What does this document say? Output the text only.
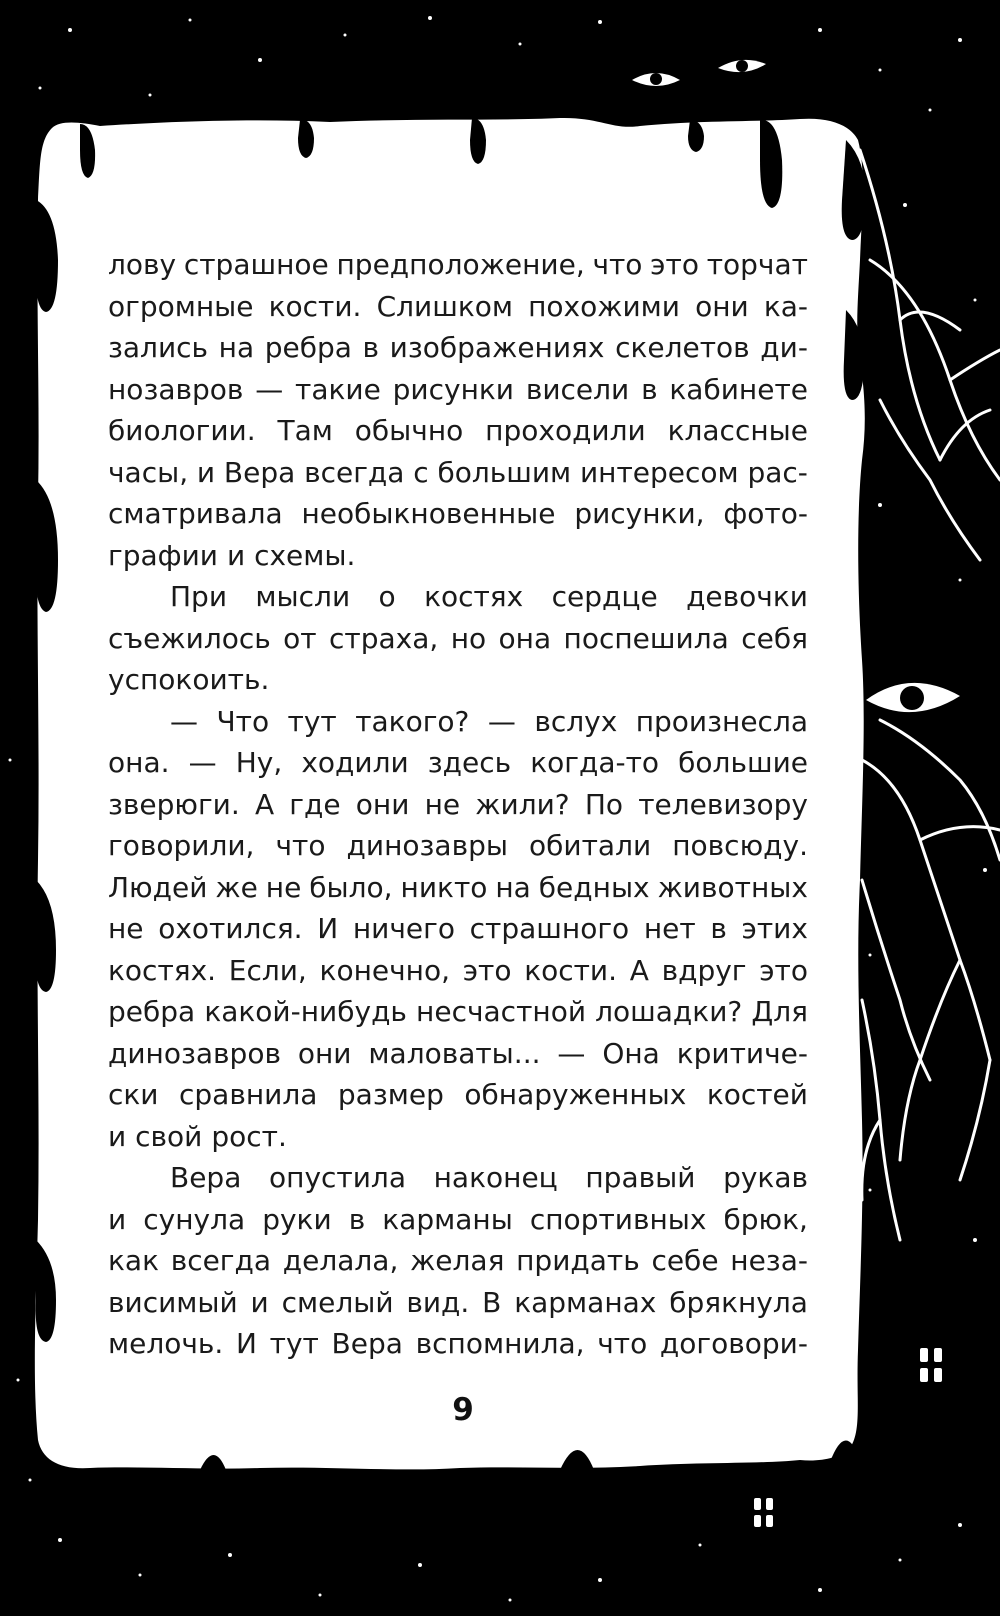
лову страшное предположение, что это торчат
огромные кости. Слишком похожими они ка-
зались на ребра в изображениях скелетов ди-
нозавров — такие рисунки висели в кабинете
биологии. Там обычно проходили классные
часы, и Вера всегда с большим интересом рас-
сматривала необыкновенные рисунки, фото-
графии и схемы.
При мысли о костях сердце девочки
съежилось от страха, но она поспешила себя
успокоить.
— Что тут такого? — вслух произнесла
она. — Ну, ходили здесь когда-то большие
зверюги. А где они не жили? По телевизору
говорили, что динозавры обитали повсюду.
Людей же не было, никто на бедных животных
не охотился. И ничего страшного нет в этих
костях. Если, конечно, это кости. А вдруг это
ребра какой-нибудь несчастной лошадки? Для
динозавров они маловаты... — Она критиче-
ски сравнила размер обнаруженных костей
и свой рост.
Вера опустила наконец правый рукав
и сунула руки в карманы спортивных брюк,
как всегда делала, желая придать себе неза-
висимый и смелый вид. В карманах брякнула
мелочь. И тут Вера вспомнила, что договори-
9
